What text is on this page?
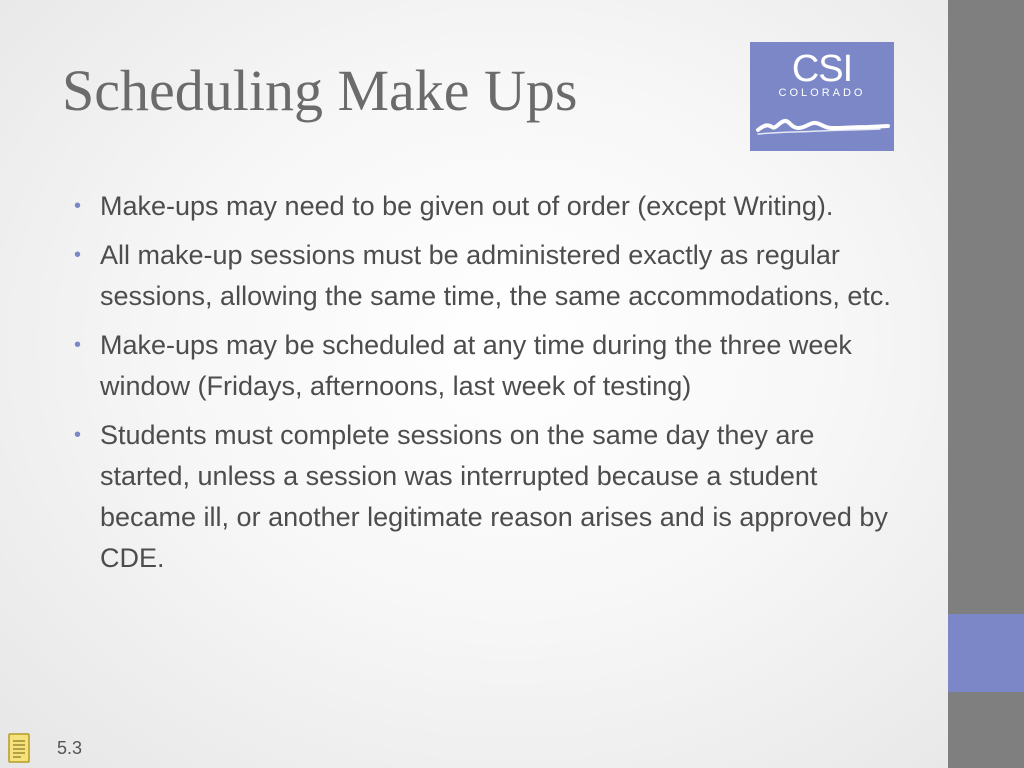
Scheduling Make Ups	CSI
COLORADO
• Make-ups may need to be given out of order (except Writing).
• All make-up sessions must be administered exactly as regular sessions, allowing the same time, the same accommodations, etc.
• Make-ups may be scheduled at any time during the three week window (Fridays, afternoons, last week of testing)
• Students must complete sessions on the same day they are started, unless a session was interrupted because a student became ill, or another legitimate reason arises and is approved by CDE.
5.3
